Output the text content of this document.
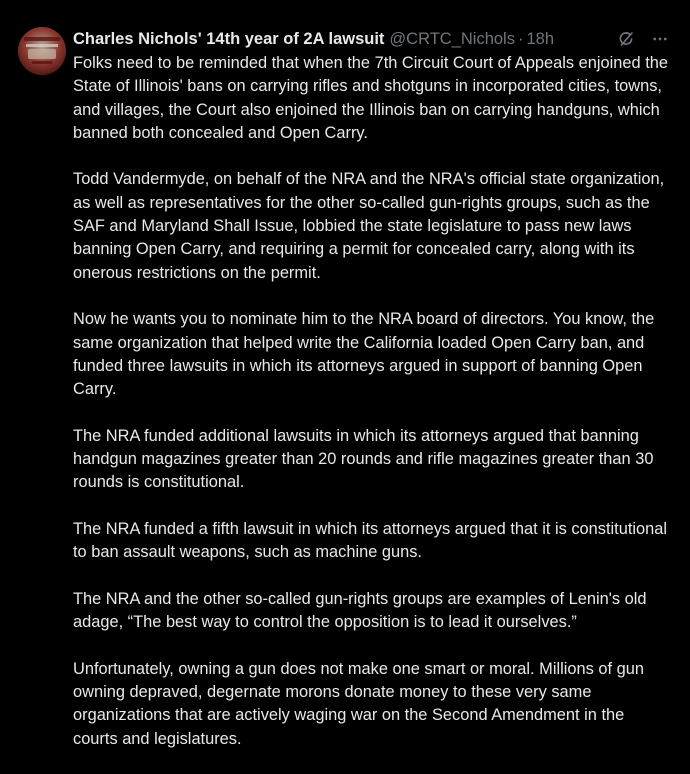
Charles Nichols' 14th year of 2A lawsuit @CRTC_Nichols · 18h

Folks need to be reminded that when the 7th Circuit Court of Appeals enjoined the State of Illinois' bans on carrying rifles and shotguns in incorporated cities, towns, and villages, the Court also enjoined the Illinois ban on carrying handguns, which banned both concealed and Open Carry.

Todd Vandermyde, on behalf of the NRA and the NRA's official state organization, as well as representatives for the other so-called gun-rights groups, such as the SAF and Maryland Shall Issue, lobbied the state legislature to pass new laws banning Open Carry, and requiring a permit for concealed carry, along with its onerous restrictions on the permit.

Now he wants you to nominate him to the NRA board of directors. You know, the same organization that helped write the California loaded Open Carry ban, and funded three lawsuits in which its attorneys argued in support of banning Open Carry.

The NRA funded additional lawsuits in which its attorneys argued that banning handgun magazines greater than 20 rounds and rifle magazines greater than 30 rounds is constitutional.

The NRA funded a fifth lawsuit in which its attorneys argued that it is constitutional to ban assault weapons, such as machine guns.

The NRA and the other so-called gun-rights groups are examples of Lenin's old adage, “The best way to control the opposition is to lead it ourselves.”

Unfortunately, owning a gun does not make one smart or moral. Millions of gun owning depraved, degernate morons donate money to these very same organizations that are actively waging war on the Second Amendment in the courts and legislatures.
